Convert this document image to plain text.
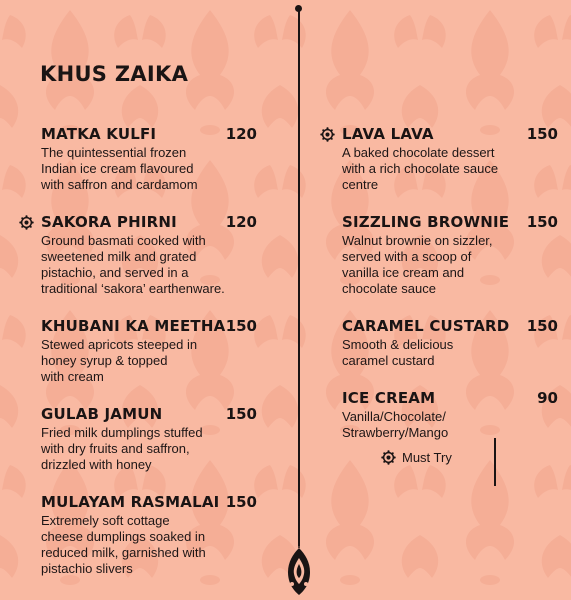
KHUS ZAIKA
MATKA KULFI	120
The quintessential frozen
Indian ice cream flavoured
with saffron and cardamom
SAKORA PHIRNI	120
Ground basmati cooked with
sweetened milk and grated
pistachio, and served in a
traditional ‘sakora’ earthenware.
KHUBANI KA MEETHA 150
Stewed apricots steeped in
honey syrup & topped
with cream
GULAB JAMUN	150
Fried milk dumplings stuffed
with dry fruits and saffron,
drizzled with honey
MULAYAM RASMALAI 150
Extremely soft cottage
cheese dumplings soaked in
reduced milk, garnished with
pistachio slivers
LAVA LAVA	150
A baked chocolate dessert
with a rich chocolate sauce
centre
SIZZLING BROWNIE 150
Walnut brownie on sizzler,
served with a scoop of
vanilla ice cream and
chocolate sauce
CARAMEL CUSTARD 150
Smooth & delicious
caramel custard
ICE CREAM	90
Vanilla/Chocolate/
Strawberry/Mango
Must Try
